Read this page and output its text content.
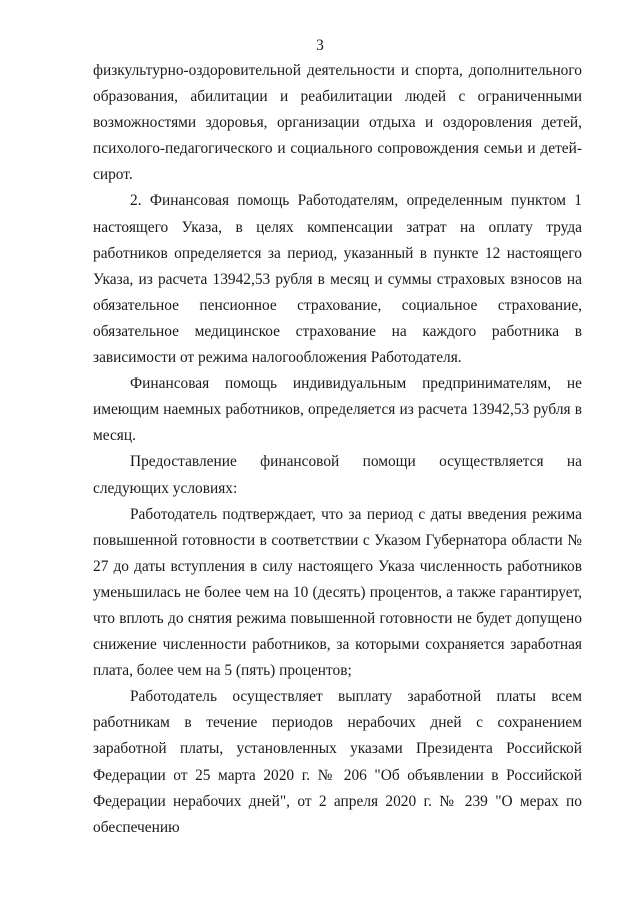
3

физкультурно-оздоровительной деятельности и спорта, дополнительного образования, абилитации и реабилитации людей с ограниченными возможностями здоровья, организации отдыха и оздоровления детей, психолого-педагогического и социального сопровождения семьи и детей-сирот.

2. Финансовая помощь Работодателям, определенным пунктом 1 настоящего Указа, в целях компенсации затрат на оплату труда работников определяется за период, указанный в пункте 12 настоящего Указа, из расчета 13942,53 рубля в месяц и суммы страховых взносов на обязательное пенсионное страхование, социальное страхование, обязательное медицинское страхование на каждого работника в зависимости от режима налогообложения Работодателя.

Финансовая помощь индивидуальным предпринимателям, не имеющим наемных работников, определяется из расчета 13942,53 рубля в месяц.

Предоставление финансовой помощи осуществляется на следующих условиях:

Работодатель подтверждает, что за период с даты введения режима повышенной готовности в соответствии с Указом Губернатора области № 27 до даты вступления в силу настоящего Указа численность работников уменьшилась не более чем на 10 (десять) процентов, а также гарантирует, что вплоть до снятия режима повышенной готовности не будет допущено снижение численности работников, за которыми сохраняется заработная плата, более чем на 5 (пять) процентов;

Работодатель осуществляет выплату заработной платы всем работникам в течение периодов нерабочих дней с сохранением заработной платы, установленных указами Президента Российской Федерации от 25 марта 2020 г. № 206 "Об объявлении в Российской Федерации нерабочих дней", от 2 апреля 2020 г. № 239 "О мерах по обеспечению
